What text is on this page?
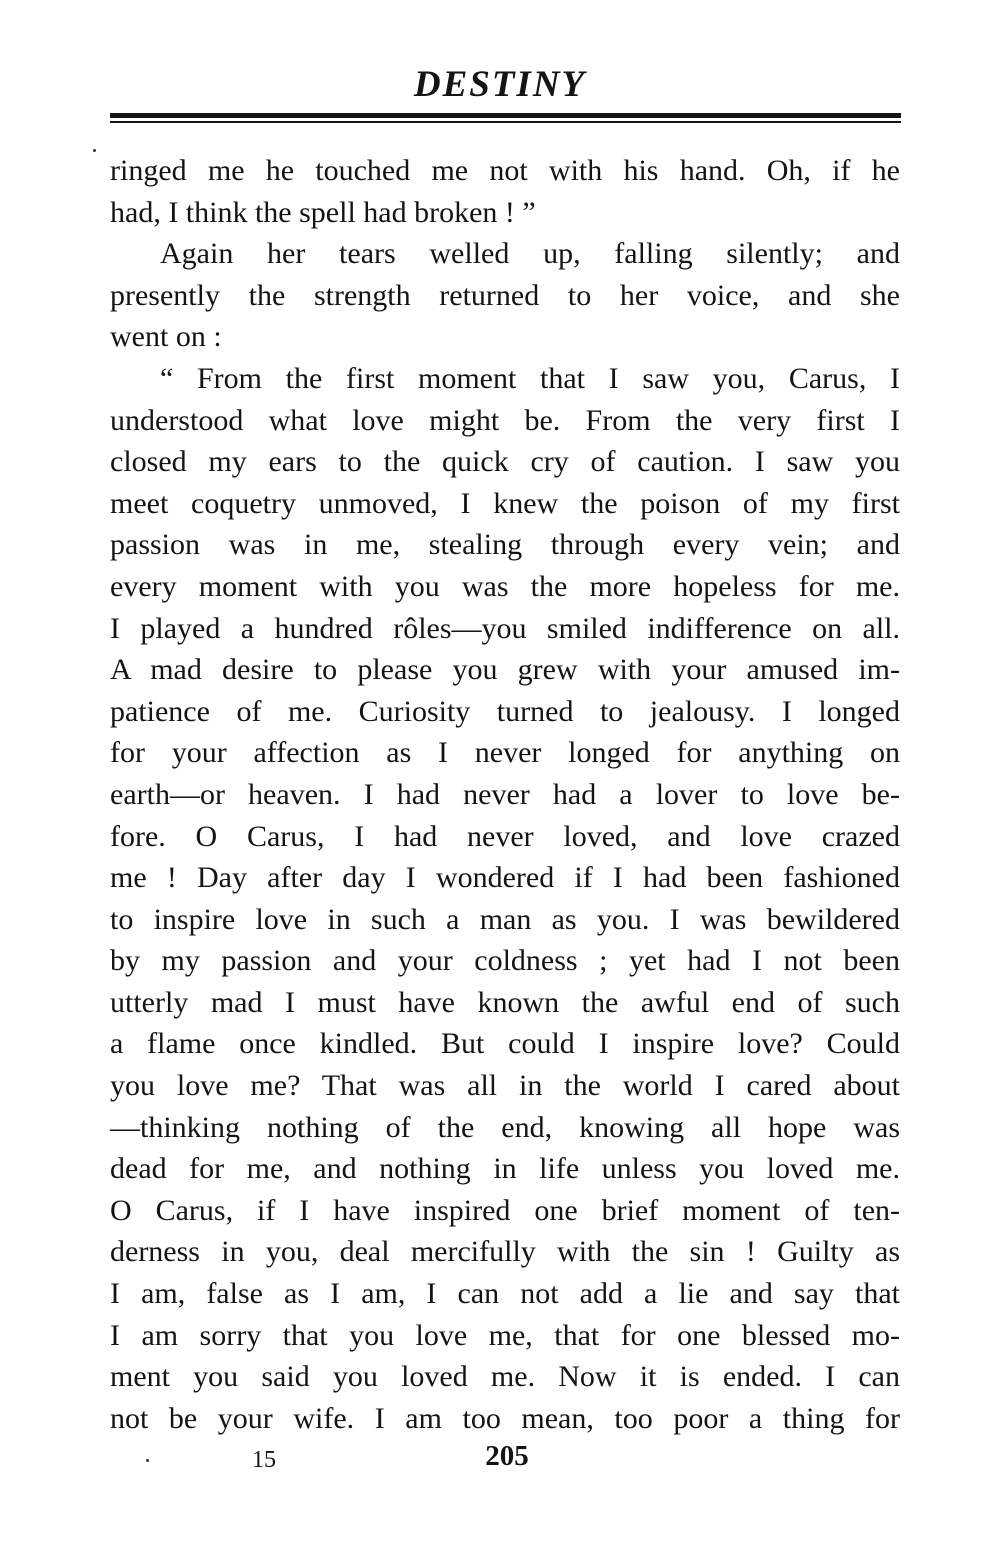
DESTINY
ringed me he touched me not with his hand. Oh, if he
had, I think the spell had broken ! ”
Again her tears welled up, falling silently; and
presently the strength returned to her voice, and she
went on :
“ From the first moment that I saw you, Carus, I
understood what love might be. From the very first I
closed my ears to the quick cry of caution. I saw you
meet coquetry unmoved, I knew the poison of my first
passion was in me, stealing through every vein; and
every moment with you was the more hopeless for me.
I played a hundred rôles—you smiled indifference on all.
A mad desire to please you grew with your amused im-
patience of me. Curiosity turned to jealousy. I longed
for your affection as I never longed for anything on
earth—or heaven. I had never had a lover to love be-
fore. O Carus, I had never loved, and love crazed
me ! Day after day I wondered if I had been fashioned
to inspire love in such a man as you. I was bewildered
by my passion and your coldness ; yet had I not been
utterly mad I must have known the awful end of such
a flame once kindled. But could I inspire love? Could
you love me? That was all in the world I cared about
—thinking nothing of the end, knowing all hope was
dead for me, and nothing in life unless you loved me.
O Carus, if I have inspired one brief moment of ten-
derness in you, deal mercifully with the sin ! Guilty as
I am, false as I am, I can not add a lie and say that
I am sorry that you love me, that for one blessed mo-
ment you said you loved me. Now it is ended. I can
not be your wife. I am too mean, too poor a thing for
15	205
